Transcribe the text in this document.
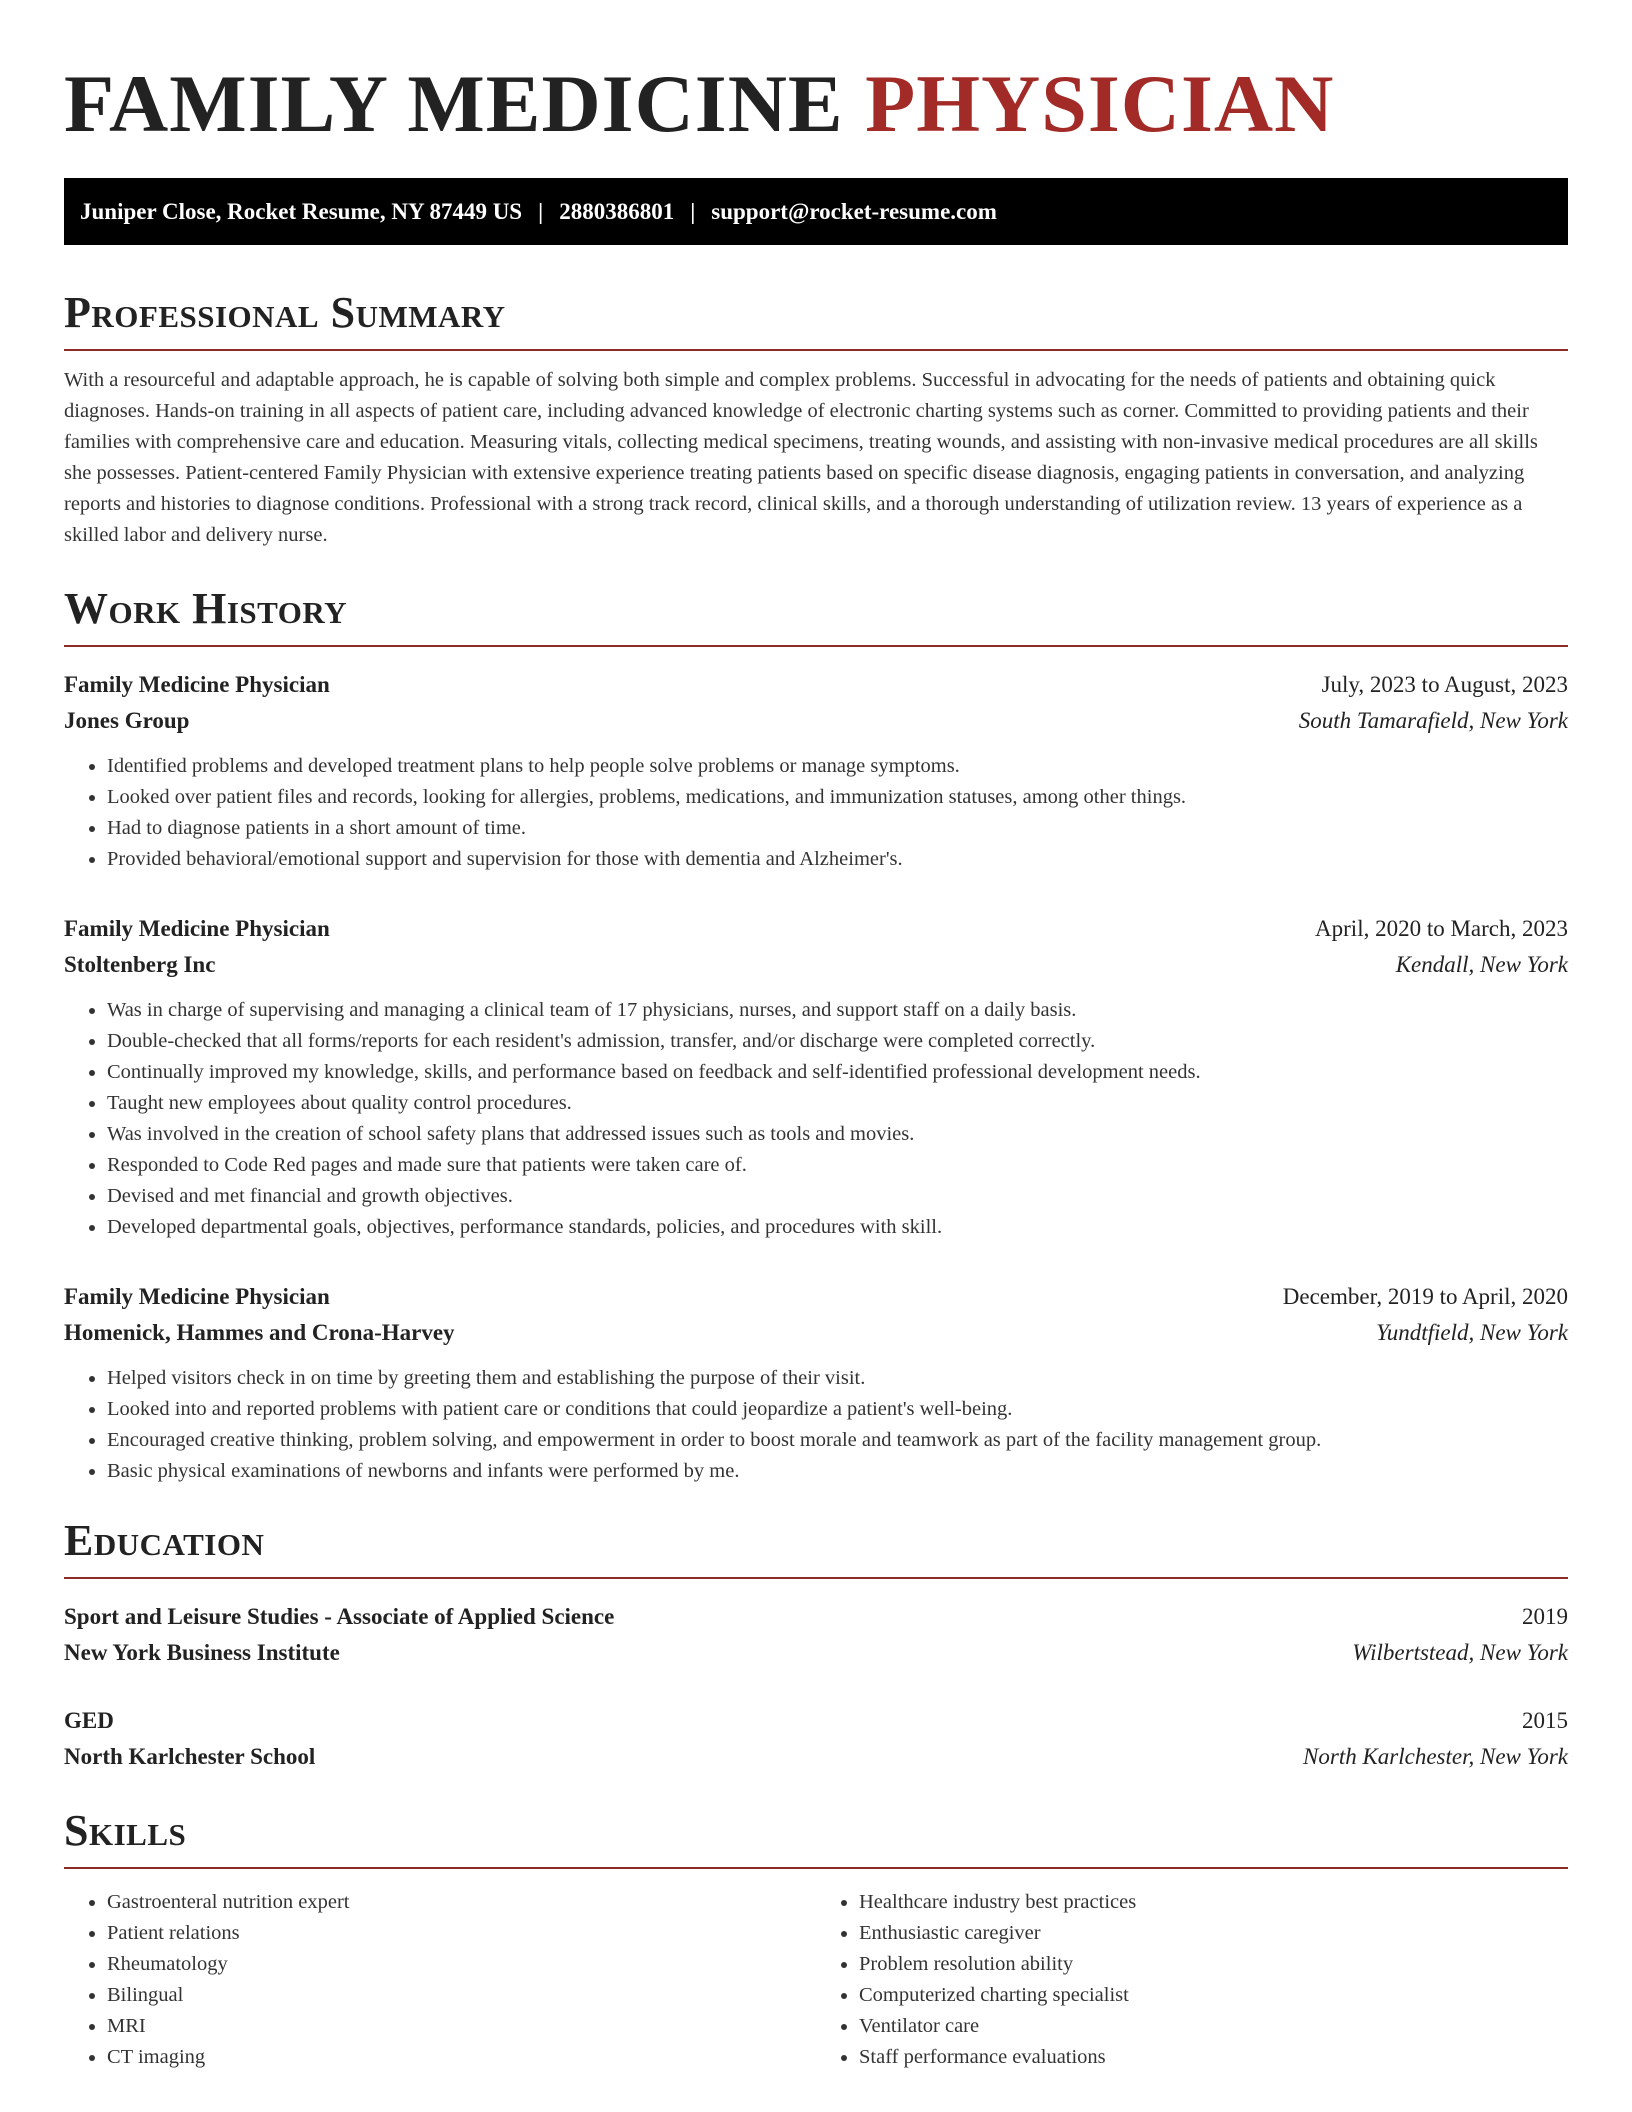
FAMILY MEDICINE PHYSICIAN
Juniper Close, Rocket Resume, NY 87449 US | 2880386801 | support@rocket-resume.com
Professional Summary

With a resourceful and adaptable approach, he is capable of solving both simple and complex problems. Successful in advocating for the needs of patients and obtaining quick diagnoses. Hands-on training in all aspects of patient care, including advanced knowledge of electronic charting systems such as corner. Committed to providing patients and their families with comprehensive care and education. Measuring vitals, collecting medical specimens, treating wounds, and assisting with non-invasive medical procedures are all skills she possesses. Patient-centered Family Physician with extensive experience treating patients based on specific disease diagnosis, engaging patients in conversation, and analyzing reports and histories to diagnose conditions. Professional with a strong track record, clinical skills, and a thorough understanding of utilization review. 13 years of experience as a skilled labor and delivery nurse.

Work History
Family Medicine Physician	July, 2023 to August, 2023
Jones Group	South Tamarafield, New York
• Identified problems and developed treatment plans to help people solve problems or manage symptoms.
• Looked over patient files and records, looking for allergies, problems, medications, and immunization statuses, among other things.
• Had to diagnose patients in a short amount of time.
• Provided behavioral/emotional support and supervision for those with dementia and Alzheimer's.
Family Medicine Physician	April, 2020 to March, 2023
Stoltenberg Inc	Kendall, New York
• Was in charge of supervising and managing a clinical team of 17 physicians, nurses, and support staff on a daily basis.
• Double-checked that all forms/reports for each resident's admission, transfer, and/or discharge were completed correctly.
• Continually improved my knowledge, skills, and performance based on feedback and self-identified professional development needs.
• Taught new employees about quality control procedures.
• Was involved in the creation of school safety plans that addressed issues such as tools and movies.
• Responded to Code Red pages and made sure that patients were taken care of.
• Devised and met financial and growth objectives.
• Developed departmental goals, objectives, performance standards, policies, and procedures with skill.
Family Medicine Physician	December, 2019 to April, 2020
Homenick, Hammes and Crona-Harvey	Yundtfield, New York
• Helped visitors check in on time by greeting them and establishing the purpose of their visit.
• Looked into and reported problems with patient care or conditions that could jeopardize a patient's well-being.
• Encouraged creative thinking, problem solving, and empowerment in order to boost morale and teamwork as part of the facility management group.
• Basic physical examinations of newborns and infants were performed by me.
Education
Sport and Leisure Studies - Associate of Applied Science	2019
New York Business Institute	Wilbertstead, New York
GED	2015
North Karlchester School	North Karlchester, New York
Skills
• Gastroenteral nutrition expert
• Patient relations
• Rheumatology
• Bilingual
• MRI
• CT imaging
• Healthcare industry best practices
• Enthusiastic caregiver
• Problem resolution ability
• Computerized charting specialist
• Ventilator care
• Staff performance evaluations
